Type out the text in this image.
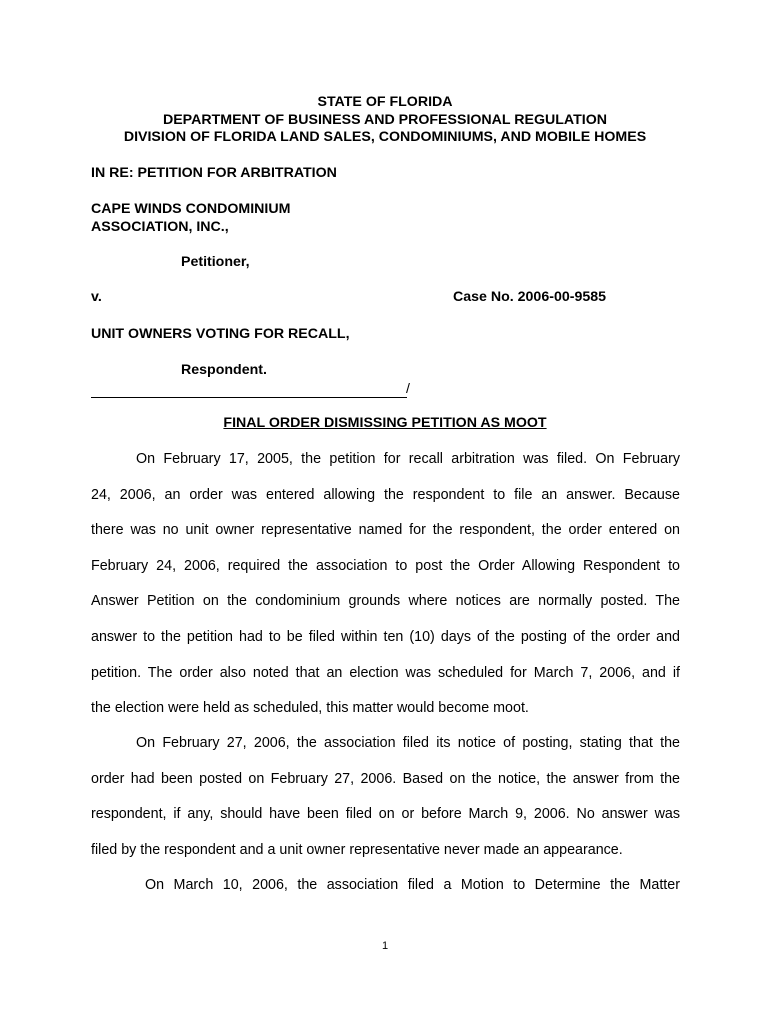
STATE OF FLORIDA
DEPARTMENT OF BUSINESS AND PROFESSIONAL REGULATION
DIVISION OF FLORIDA LAND SALES, CONDOMINIUMS, AND MOBILE HOMES
IN RE: PETITION FOR ARBITRATION
CAPE WINDS CONDOMINIUM
ASSOCIATION, INC.,
Petitioner,
v.	Case No. 2006-00-9585
UNIT OWNERS VOTING FOR RECALL,
Respondent.
/
FINAL ORDER DISMISSING PETITION AS MOOT
On February 17, 2005, the petition for recall arbitration was filed. On February
24, 2006, an order was entered allowing the respondent to file an answer. Because
there was no unit owner representative named for the respondent, the order entered on
February 24, 2006, required the association to post the Order Allowing Respondent to
Answer Petition on the condominium grounds where notices are normally posted. The
answer to the petition had to be filed within ten (10) days of the posting of the order and
petition. The order also noted that an election was scheduled for March 7, 2006, and if
the election were held as scheduled, this matter would become moot.
On February 27, 2006, the association filed its notice of posting, stating that the
order had been posted on February 27, 2006. Based on the notice, the answer from the
respondent, if any, should have been filed on or before March 9, 2006. No answer was
filed by the respondent and a unit owner representative never made an appearance.
On March 10, 2006, the association filed a Motion to Determine the Matter
1
